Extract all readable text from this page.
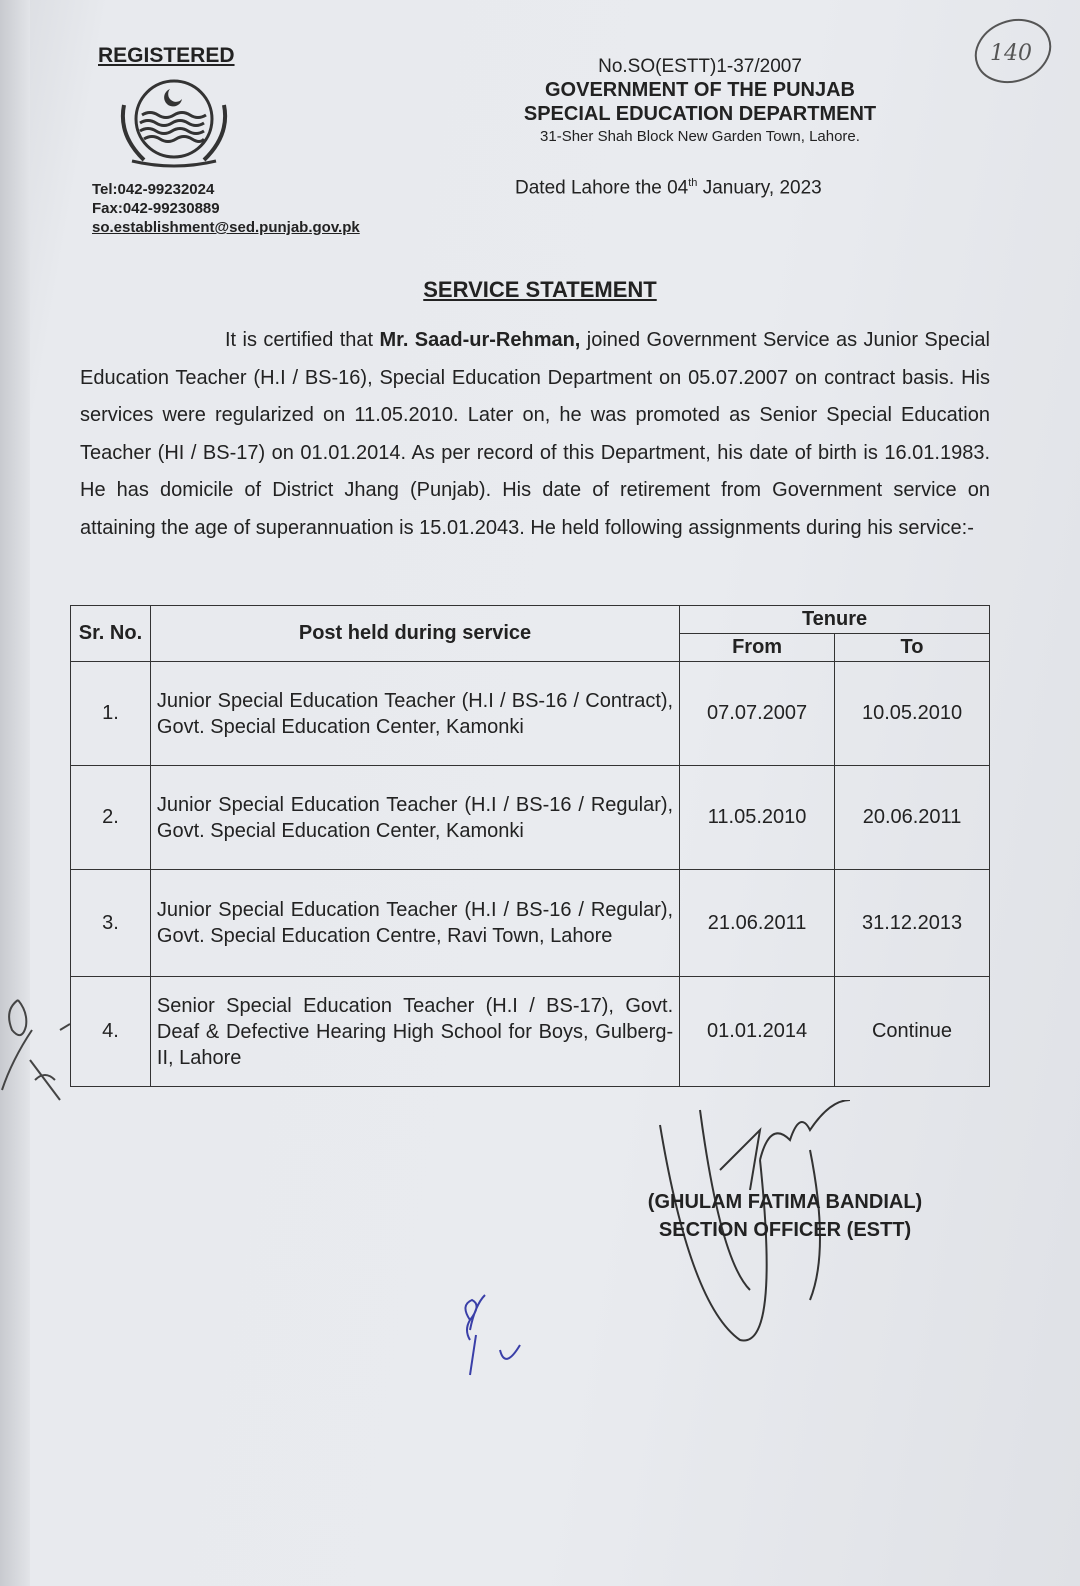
REGISTERED
Tel:042-99232024
Fax:042-99230889
so.establishment@sed.punjab.gov.pk
No.SO(ESTT)1-37/2007
GOVERNMENT OF THE PUNJAB
SPECIAL EDUCATION DEPARTMENT
31-Sher Shah Block New Garden Town, Lahore.
Dated Lahore the 04th January, 2023
140
SERVICE STATEMENT
It is certified that Mr. Saad-ur-Rehman, joined Government Service as Junior Special Education Teacher (H.I / BS-16), Special Education Department on 05.07.2007 on contract basis. His services were regularized on 11.05.2010. Later on, he was promoted as Senior Special Education Teacher (HI / BS-17) on 01.01.2014. As per record of this Department, his date of birth is 16.01.1983. He has domicile of District Jhang (Punjab). His date of retirement from Government service on attaining the age of superannuation is 15.01.2043. He held following assignments during his service:-
Sr. No.	Post held during service	Tenure	
		From	To
1.	Junior Special Education Teacher (H.I / BS-16 / Contract), Govt. Special Education Center, Kamonki	07.07.2007	10.05.2010
2.	Junior Special Education Teacher (H.I / BS-16 / Regular), Govt. Special Education Center, Kamonki	11.05.2010	20.06.2011
3.	Junior Special Education Teacher (H.I / BS-16 / Regular), Govt. Special Education Centre, Ravi Town, Lahore	21.06.2011	31.12.2013
4.	Senior Special Education Teacher (H.I / BS-17), Govt. Deaf & Defective Hearing High School for Boys, Gulberg-II, Lahore	01.01.2014	Continue
(GHULAM FATIMA BANDIAL)
SECTION OFFICER (ESTT)
